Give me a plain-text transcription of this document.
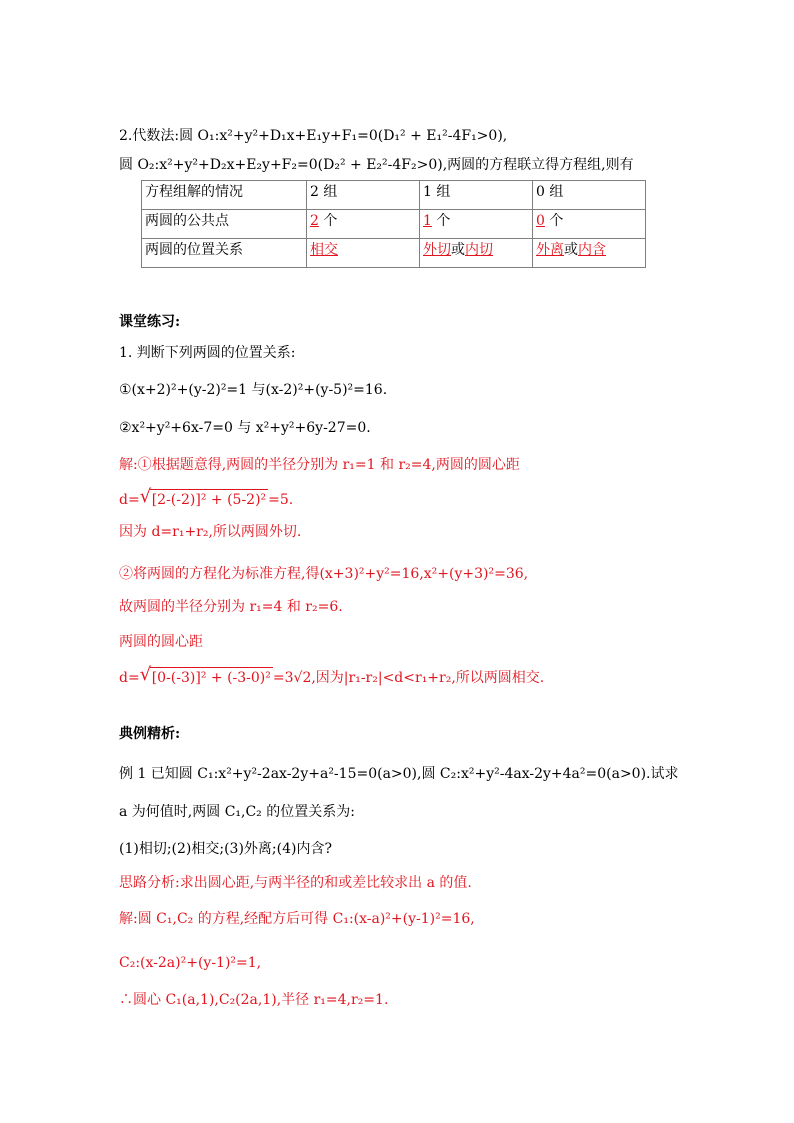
2.代数法:圆 O₁:x²+y²+D₁x+E₁y+F₁=0(D₁² + E₁²-4F₁>0),
圆 O₂:x²+y²+D₂x+E₂y+F₂=0(D₂² + E₂²-4F₂>0),两圆的方程联立得方程组,则有
方程组解的情况	2 组	1 组	0 组
两圆的公共点	2 个	1 个	0 个
两圆的位置关系	相交	外切或内切	外离或内含
课堂练习:
1. 判断下列两圆的位置关系:
①(x+2)²+(y-2)²=1 与(x-2)²+(y-5)²=16.
②x²+y²+6x-7=0 与 x²+y²+6y-27=0.
解:①根据题意得,两圆的半径分别为 r₁=1 和 r₂=4,两圆的圆心距
d= √ [2-(-2)]² + (5-2)² =5.
因为 d=r₁+r₂,所以两圆外切.
②将两圆的方程化为标准方程,得(x+3)²+y²=16,x²+(y+3)²=36,
故两圆的半径分别为 r₁=4 和 r₂=6.
两圆的圆心距
d= √ [0-(-3)]² + (-3-0)² =3√2,因为|r₁-r₂|<d<r₁+r₂,所以两圆相交.
典例精析:
例 1 已知圆 C₁:x²+y²-2ax-2y+a²-15=0(a>0),圆 C₂:x²+y²-4ax-2y+4a²=0(a>0).试求
a 为何值时,两圆 C₁,C₂ 的位置关系为:
(1)相切;(2)相交;(3)外离;(4)内含?
思路分析:求出圆心距,与两半径的和或差比较求出 a 的值.
解:圆 C₁,C₂ 的方程,经配方后可得 C₁:(x-a)²+(y-1)²=16,
C₂:(x-2a)²+(y-1)²=1,
∴圆心 C₁(a,1),C₂(2a,1),半径 r₁=4,r₂=1.
